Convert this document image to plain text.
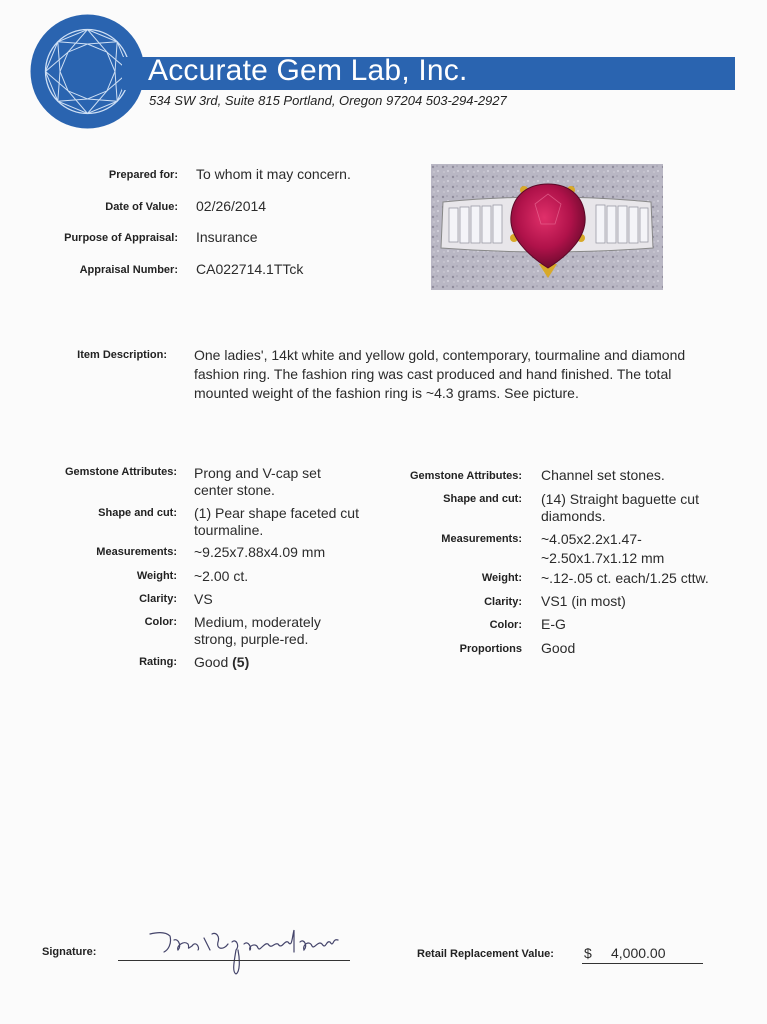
Accurate Gem Lab, Inc.
534 SW 3rd, Suite 815 Portland, Oregon 97204 503-294-2927
Prepared for: To whom it may concern.
Date of Value: 02/26/2014
Purpose of Appraisal: Insurance
Appraisal Number: CA022714.1TTck
Item Description: One ladies', 14kt white and yellow gold, contemporary, tourmaline and diamond fashion ring. The fashion ring was cast produced and hand finished. The total mounted weight of the fashion ring is ~4.3 grams. See picture.
Gemstone Attributes: Prong and V-cap set center stone.
Shape and cut: (1) Pear shape faceted cut tourmaline.
Measurements: ~9.25x7.88x4.09 mm
Weight: ~2.00 ct.
Clarity: VS
Color: Medium, moderately strong, purple-red.
Rating: Good (5)
Gemstone Attributes: Channel set stones.
Shape and cut: (14) Straight baguette cut diamonds.
Measurements: ~4.05x2.2x1.47-
~2.50x1.7x1.12 mm
Weight: ~.12-.05 ct. each/1.25 cttw.
Clarity: VS1 (in most)
Color: E-G
Proportions Good
Signature:	Retail Replacement Value: $ 4,000.00
